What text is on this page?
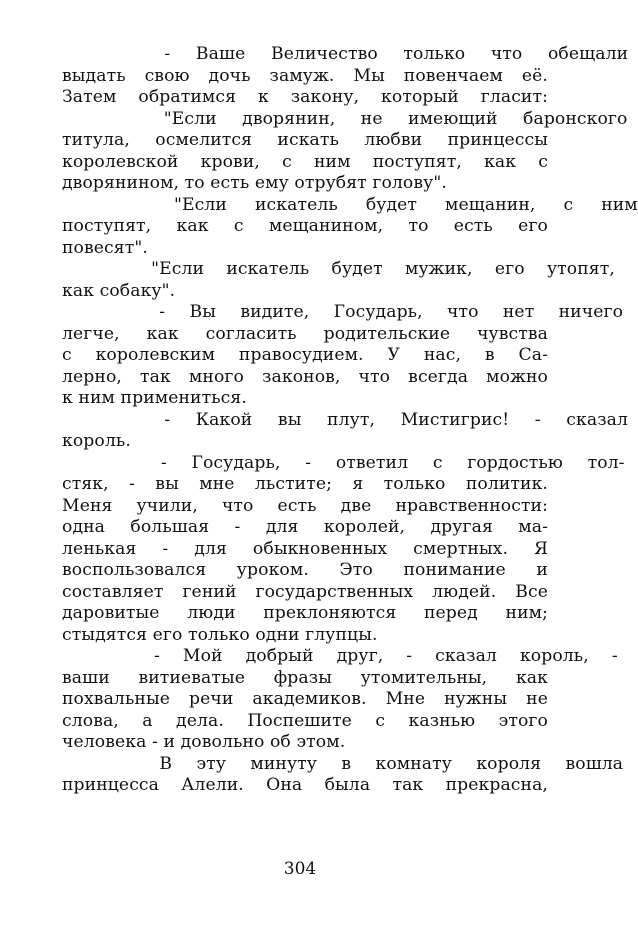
- Ваше Величество только что обещали
выдать свою дочь замуж. Мы повенчаем её.
Затем обратимся к закону, который гласит:
"Если дворянин, не имеющий баронского
титула, осмелится искать любви принцессы
королевской крови, с ним поступят, как с
дворянином, то есть ему отрубят голову".
"Если искатель будет мещанин, с ним
поступят, как с мещанином, то есть его
повесят".
"Если искатель будет мужик, его утопят,
как собаку".
- Вы видите, Государь, что нет ничего
легче, как согласить родительские чувства
с королевским правосудием. У нас, в Са-
лерно, так много законов, что всегда можно
к ним примениться.
- Какой вы плут, Мистигрис! - сказал
король.
- Государь, - ответил с гордостью тол-
стяк, - вы мне льстите; я только политик.
Меня учили, что есть две нравственности:
одна большая - для королей, другая ма-
ленькая - для обыкновенных смертных. Я
воспользовался уроком. Это понимание и
составляет гений государственных людей. Все
даровитые люди преклоняются перед ним;
стыдятся его только одни глупцы.
- Мой добрый друг, - сказал король, -
ваши витиеватые фразы утомительны, как
похвальные речи академиков. Мне нужны не
слова, а дела. Поспешите с казнью этого
человека - и довольно об этом.
В эту минуту в комнату короля вошла
принцесса Алели. Она была так прекрасна,
304
